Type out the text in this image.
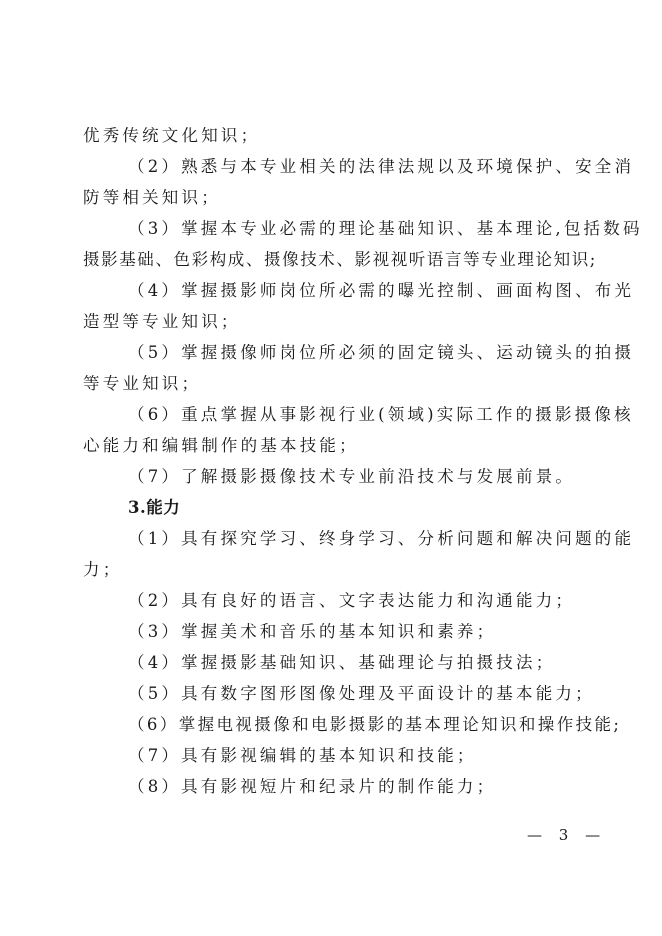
优秀传统文化知识；
（2）熟悉与本专业相关的法律法规以及环境保护、安全消
防等相关知识；
（3）掌握本专业必需的理论基础知识、基本理论,包括数码
摄影基础、色彩构成、摄像技术、影视视听语言等专业理论知识;
（4）掌握摄影师岗位所必需的曝光控制、画面构图、布光
造型等专业知识；
（5）掌握摄像师岗位所必须的固定镜头、运动镜头的拍摄
等专业知识；
（6）重点掌握从事影视行业(领域)实际工作的摄影摄像核
心能力和编辑制作的基本技能；
（7）了解摄影摄像技术专业前沿技术与发展前景。
3.能力
（1）具有探究学习、终身学习、分析问题和解决问题的能
力；
（2）具有良好的语言、文字表达能力和沟通能力；
（3）掌握美术和音乐的基本知识和素养；
（4）掌握摄影基础知识、基础理论与拍摄技法；
（5）具有数字图形图像处理及平面设计的基本能力；
（6）掌握电视摄像和电影摄影的基本理论知识和操作技能;
（7）具有影视编辑的基本知识和技能；
（8）具有影视短片和纪录片的制作能力；
— 3 —
